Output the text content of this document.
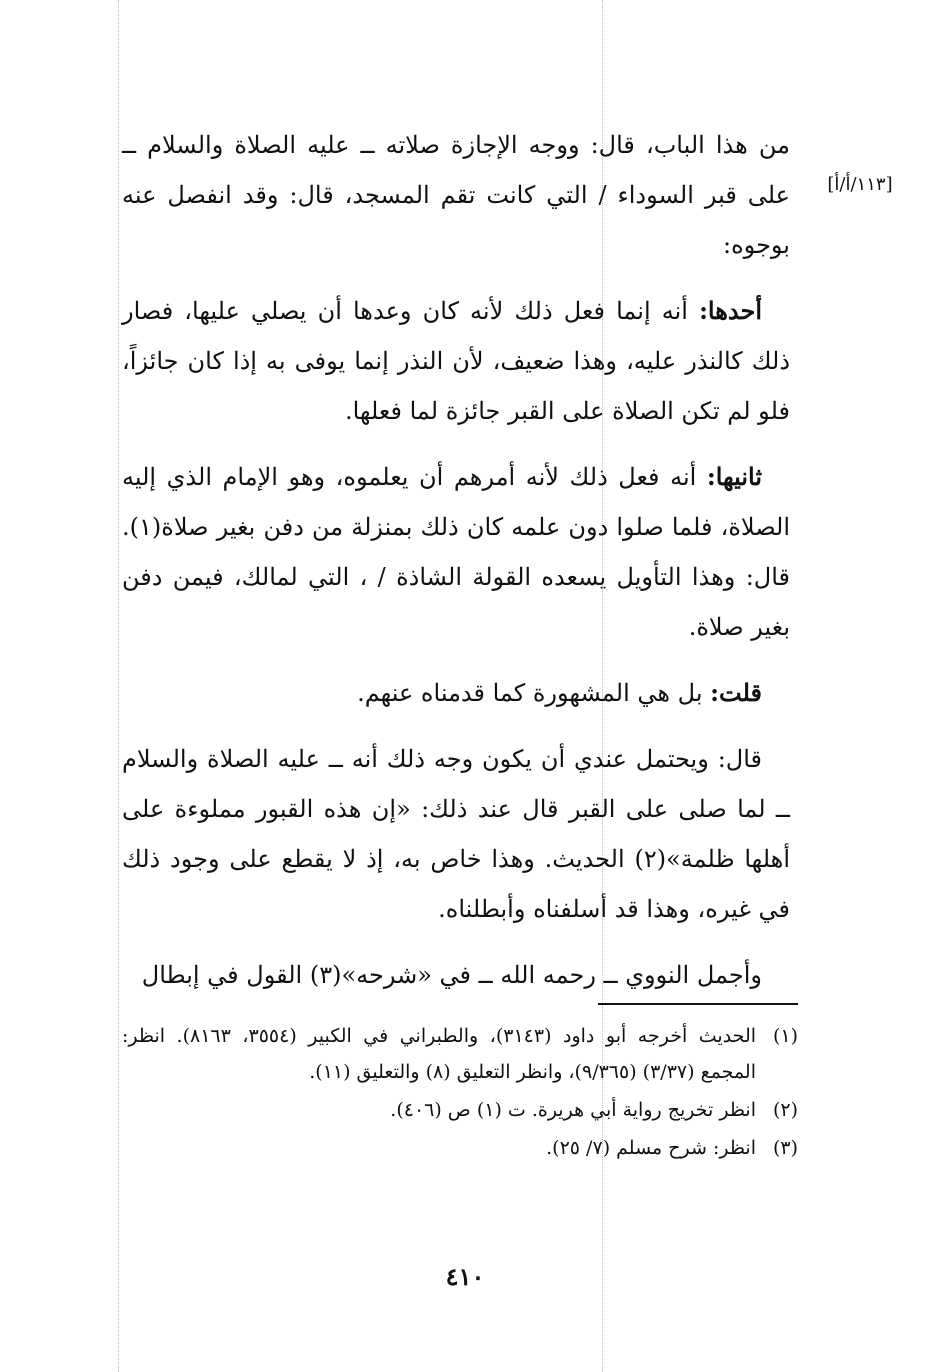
[١١٣/أ/أ]

من هذا الباب، قال: ووجه الإجازة صلاته ــ عليه الصلاة والسلام ــ على قبر السوداء / التي كانت تقم المسجد، قال: وقد انفصل عنه بوجوه:

أحدها: أنه إنما فعل ذلك لأنه كان وعدها أن يصلي عليها، فصار ذلك كالنذر عليه، وهذا ضعيف، لأن النذر إنما يوفى به إذا كان جائزاً، فلو لم تكن الصلاة على القبر جائزة لما فعلها.

ثانيها: أنه فعل ذلك لأنه أمرهم أن يعلموه، وهو الإمام الذي إليه الصلاة، فلما صلوا دون علمه كان ذلك بمنزلة من دفن بغير صلاة(١). قال: وهذا التأويل يسعده القولة الشاذة / ، التي لمالك، فيمن دفن بغير صلاة.

قلت: بل هي المشهورة كما قدمناه عنهم.

قال: ويحتمل عندي أن يكون وجه ذلك أنه ــ عليه الصلاة والسلام ــ لما صلى على القبر قال عند ذلك: «إن هذه القبور مملوءة على أهلها ظلمة»(٢) الحديث. وهذا خاص به، إذ لا يقطع على وجود ذلك في غيره، وهذا قد أسلفناه وأبطلناه.

وأجمل النووي ــ رحمه الله ــ في «شرحه»(٣) القول في إبطال

(١)
الحديث أخرجه أبو داود (٣١٤٣)، والطبراني في الكبير (٣٥٥٤، ٨١٦٣). انظر: المجمع (٣/٣٧) (٩/٣٦٥)، وانظر التعليق (٨) والتعليق (١١).
(٢)
انظر تخريج رواية أبي هريرة. ت (١) ص (٤٠٦).
(٣)
انظر: شرح مسلم (٧/ ٢٥).
٤١٠
